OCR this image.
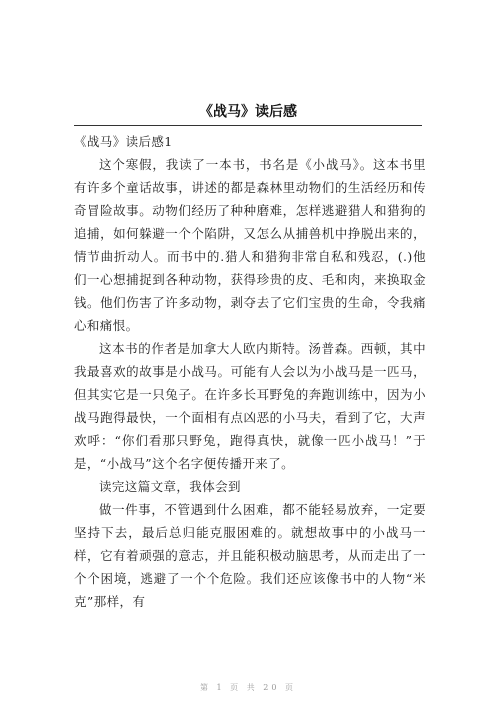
《战马》读后感

《战马》读后感1

这个寒假，我读了一本书，书名是《小战马》。这本书里有许多个童话故事，讲述的都是森林里动物们的生活经历和传奇冒险故事。动物们经历了种种磨难，怎样逃避猎人和猎狗的追捕，如何躲避一个个陷阱，又怎么从捕兽机中挣脱出来的，情节曲折动人。而书中的.猎人和猎狗非常自私和残忍，(.)他们一心想捕捉到各种动物，获得珍贵的皮、毛和肉，来换取金钱。他们伤害了许多动物，剥夺去了它们宝贵的生命，令我痛心和痛恨。

这本书的作者是加拿大人欧内斯特。汤普森。西顿，其中我最喜欢的故事是小战马。可能有人会以为小战马是一匹马，但其实它是一只兔子。在许多长耳野兔的奔跑训练中，因为小战马跑得最快，一个面相有点凶恶的小马夫，看到了它，大声欢呼：“你们看那只野兔，跑得真快，就像一匹小战马！”于是，“小战马”这个名字便传播开来了。

读完这篇文章，我体会到

做一件事，不管遇到什么困难，都不能轻易放弃，一定要坚持下去，最后总归能克服困难的。就想故事中的小战马一样，它有着顽强的意志，并且能积极动脑思考，从而走出了一个个困境，逃避了一个个危险。我们还应该像书中的人物“米克”那样，有

第 1 页 共 20 页
